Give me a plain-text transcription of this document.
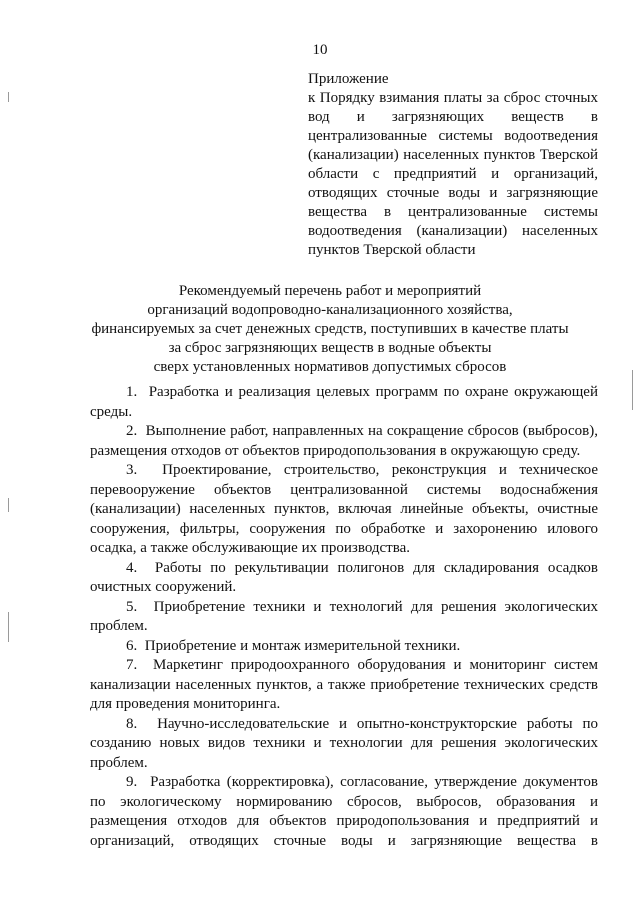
10
Приложение
к Порядку взимания платы за сброс сточных вод и загрязняющих веществ в централизованные системы водоотведения (канализации) населенных пунктов Тверской области с предприятий и организаций, отводящих сточные воды и загрязняющие вещества в централизованные системы водоотведения (канализации) населенных пунктов Тверской области
Рекомендуемый перечень работ и мероприятий
организаций водопроводно-канализационного хозяйства,
финансируемых за счет денежных средств, поступивших в качестве платы
за сброс загрязняющих веществ в водные объекты
сверх установленных нормативов допустимых сбросов

1. Разработка и реализация целевых программ по охране окружающей среды.

2. Выполнение работ, направленных на сокращение сбросов (выбросов), размещения отходов от объектов природопользования в окружающую среду.

3. Проектирование, строительство, реконструкция и техническое перевооружение объектов централизованной системы водоснабжения (канализации) населенных пунктов, включая линейные объекты, очистные сооружения, фильтры, сооружения по обработке и захоронению илового осадка, а также обслуживающие их производства.

4. Работы по рекультивации полигонов для складирования осадков очистных сооружений.

5. Приобретение техники и технологий для решения экологических проблем.

6. Приобретение и монтаж измерительной техники.

7. Маркетинг природоохранного оборудования и мониторинг систем канализации населенных пунктов, а также приобретение технических средств для проведения мониторинга.

8. Научно-исследовательские и опытно-конструкторские работы по созданию новых видов техники и технологии для решения экологических проблем.

9. Разработка (корректировка), согласование, утверждение документов по экологическому нормированию сбросов, выбросов, образования и размещения отходов для объектов природопользования и предприятий и организаций, отводящих сточные воды и загрязняющие вещества в
